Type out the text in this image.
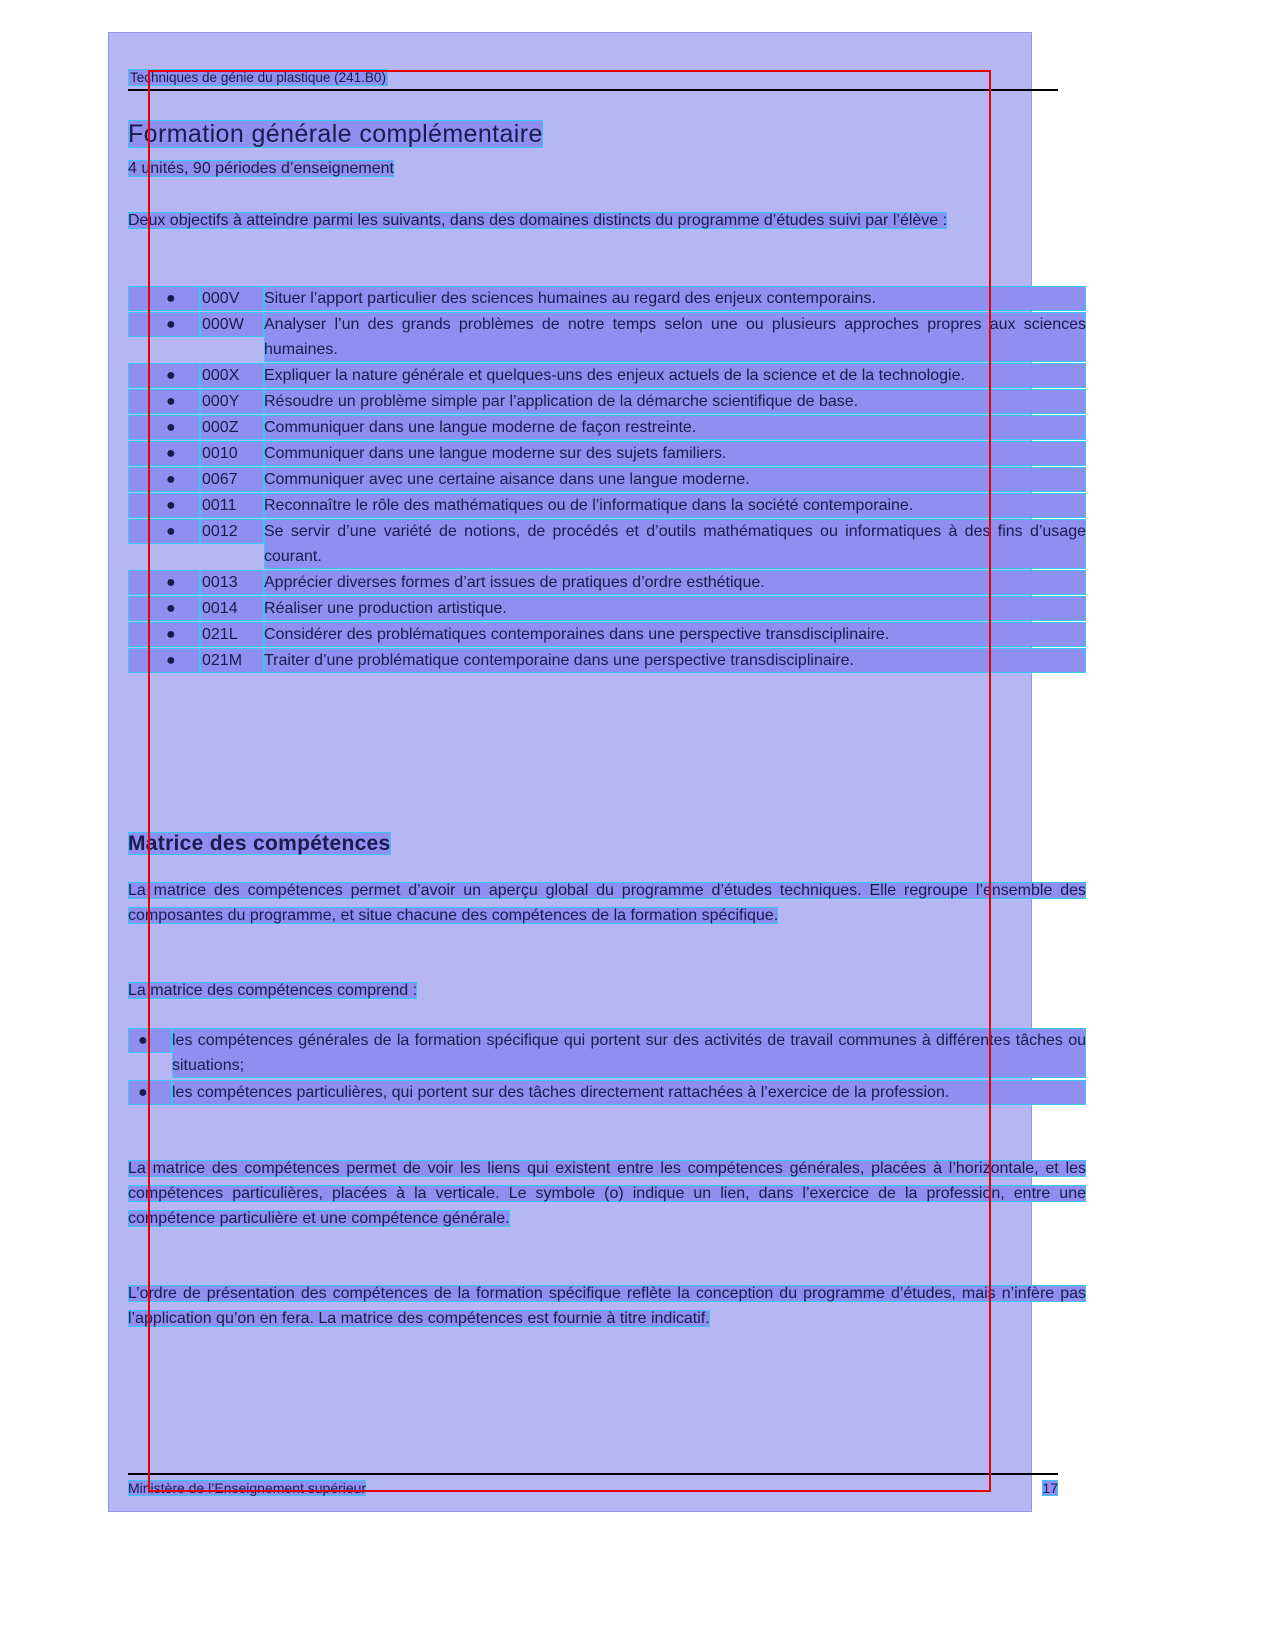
Techniques de génie du plastique (241.B0)
Formation générale complémentaire
4 unités, 90 périodes d’enseignement
Deux objectifs à atteindre parmi les suivants, dans des domaines distincts du programme d’études suivi par l’élève :
●	000V	Situer l’apport particulier des sciences humaines au regard des enjeux contemporains.
●	000W	Analyser l’un des grands problèmes de notre temps selon une ou plusieurs approches propres aux sciences humaines.
●	000X	Expliquer la nature générale et quelques-uns des enjeux actuels de la science et de la technologie.
●	000Y	Résoudre un problème simple par l’application de la démarche scientifique de base.
●	000Z	Communiquer dans une langue moderne de façon restreinte.
●	0010	Communiquer dans une langue moderne sur des sujets familiers.
●	0067	Communiquer avec une certaine aisance dans une langue moderne.
●	0011	Reconnaître le rôle des mathématiques ou de l’informatique dans la société contemporaine.
●	0012	Se servir d’une variété de notions, de procédés et d’outils mathématiques ou informatiques à des fins d’usage courant.
●	0013	Apprécier diverses formes d’art issues de pratiques d’ordre esthétique.
●	0014	Réaliser une production artistique.
●	021L	Considérer des problématiques contemporaines dans une perspective transdisciplinaire.
●	021M	Traiter d’une problématique contemporaine dans une perspective transdisciplinaire.
Matrice des compétences
La matrice des compétences permet d’avoir un aperçu global du programme d’études techniques. Elle regroupe l’ensemble des composantes du programme, et situe chacune des compétences de la formation spécifique.
La matrice des compétences comprend :
●	les compétences générales de la formation spécifique qui portent sur des activités de travail communes à différentes tâches ou situations;
●	les compétences particulières, qui portent sur des tâches directement rattachées à l’exercice de la profession.
La matrice des compétences permet de voir les liens qui existent entre les compétences générales, placées à l’horizontale, et les compétences particulières, placées à la verticale. Le symbole (o) indique un lien, dans l’exercice de la profession, entre une compétence particulière et une compétence générale.
L’ordre de présentation des compétences de la formation spécifique reflète la conception du programme d’études, mais n’infère pas l’application qu’on en fera. La matrice des compétences est fournie à titre indicatif.
Ministère de l’Enseignement supérieur	17
